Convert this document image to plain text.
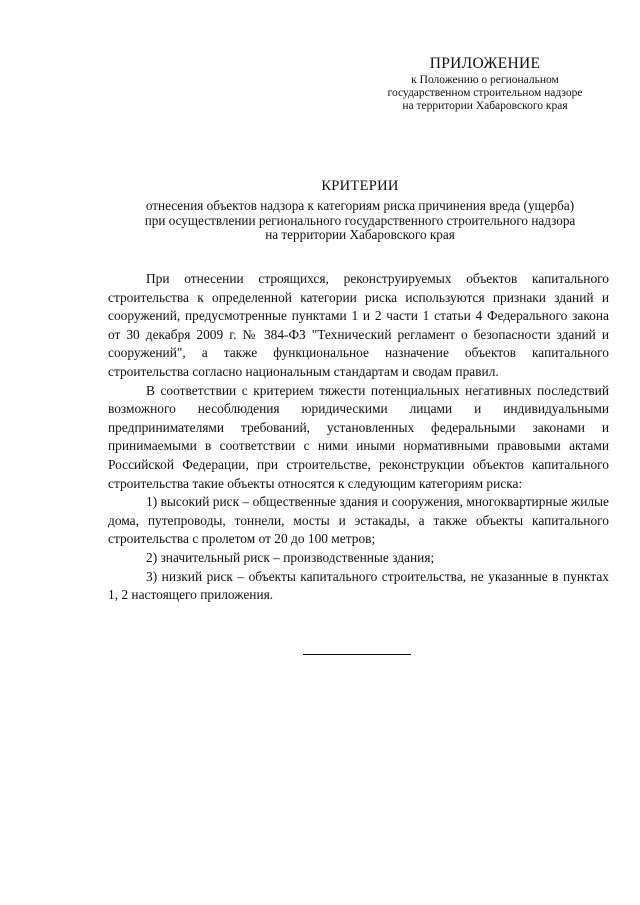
ПРИЛОЖЕНИЕ
к Положению о региональном
государственном строительном надзоре
на территории Хабаровского края
КРИТЕРИИ
отнесения объектов надзора к категориям риска причинения вреда (ущерба)
при осуществлении регионального государственного строительного надзора
на территории Хабаровского края

При отнесении строящихся, реконструируемых объектов капитального строительства к определенной категории риска используются признаки зданий и сооружений, предусмотренные пунктами 1 и 2 части 1 статьи 4 Федерального закона от 30 декабря 2009 г. № 384-ФЗ "Технический регламент о безопасности зданий и сооружений", а также функциональное назначение объектов капитального строительства согласно национальным стандартам и сводам правил.

В соответствии с критерием тяжести потенциальных негативных последствий возможного несоблюдения юридическими лицами и индивидуальными предпринимателями требований, установленных федеральными законами и принимаемыми в соответствии с ними иными нормативными правовыми актами Российской Федерации, при строительстве, реконструкции объектов капитального строительства такие объекты относятся к следующим категориям риска:

1) высокий риск – общественные здания и сооружения, многоквартирные жилые дома, путепроводы, тоннели, мосты и эстакады, а также объекты капитального строительства с пролетом от 20 до 100 метров;

2) значительный риск – производственные здания;

3) низкий риск – объекты капитального строительства, не указанные в пунктах 1, 2 настоящего приложения.
